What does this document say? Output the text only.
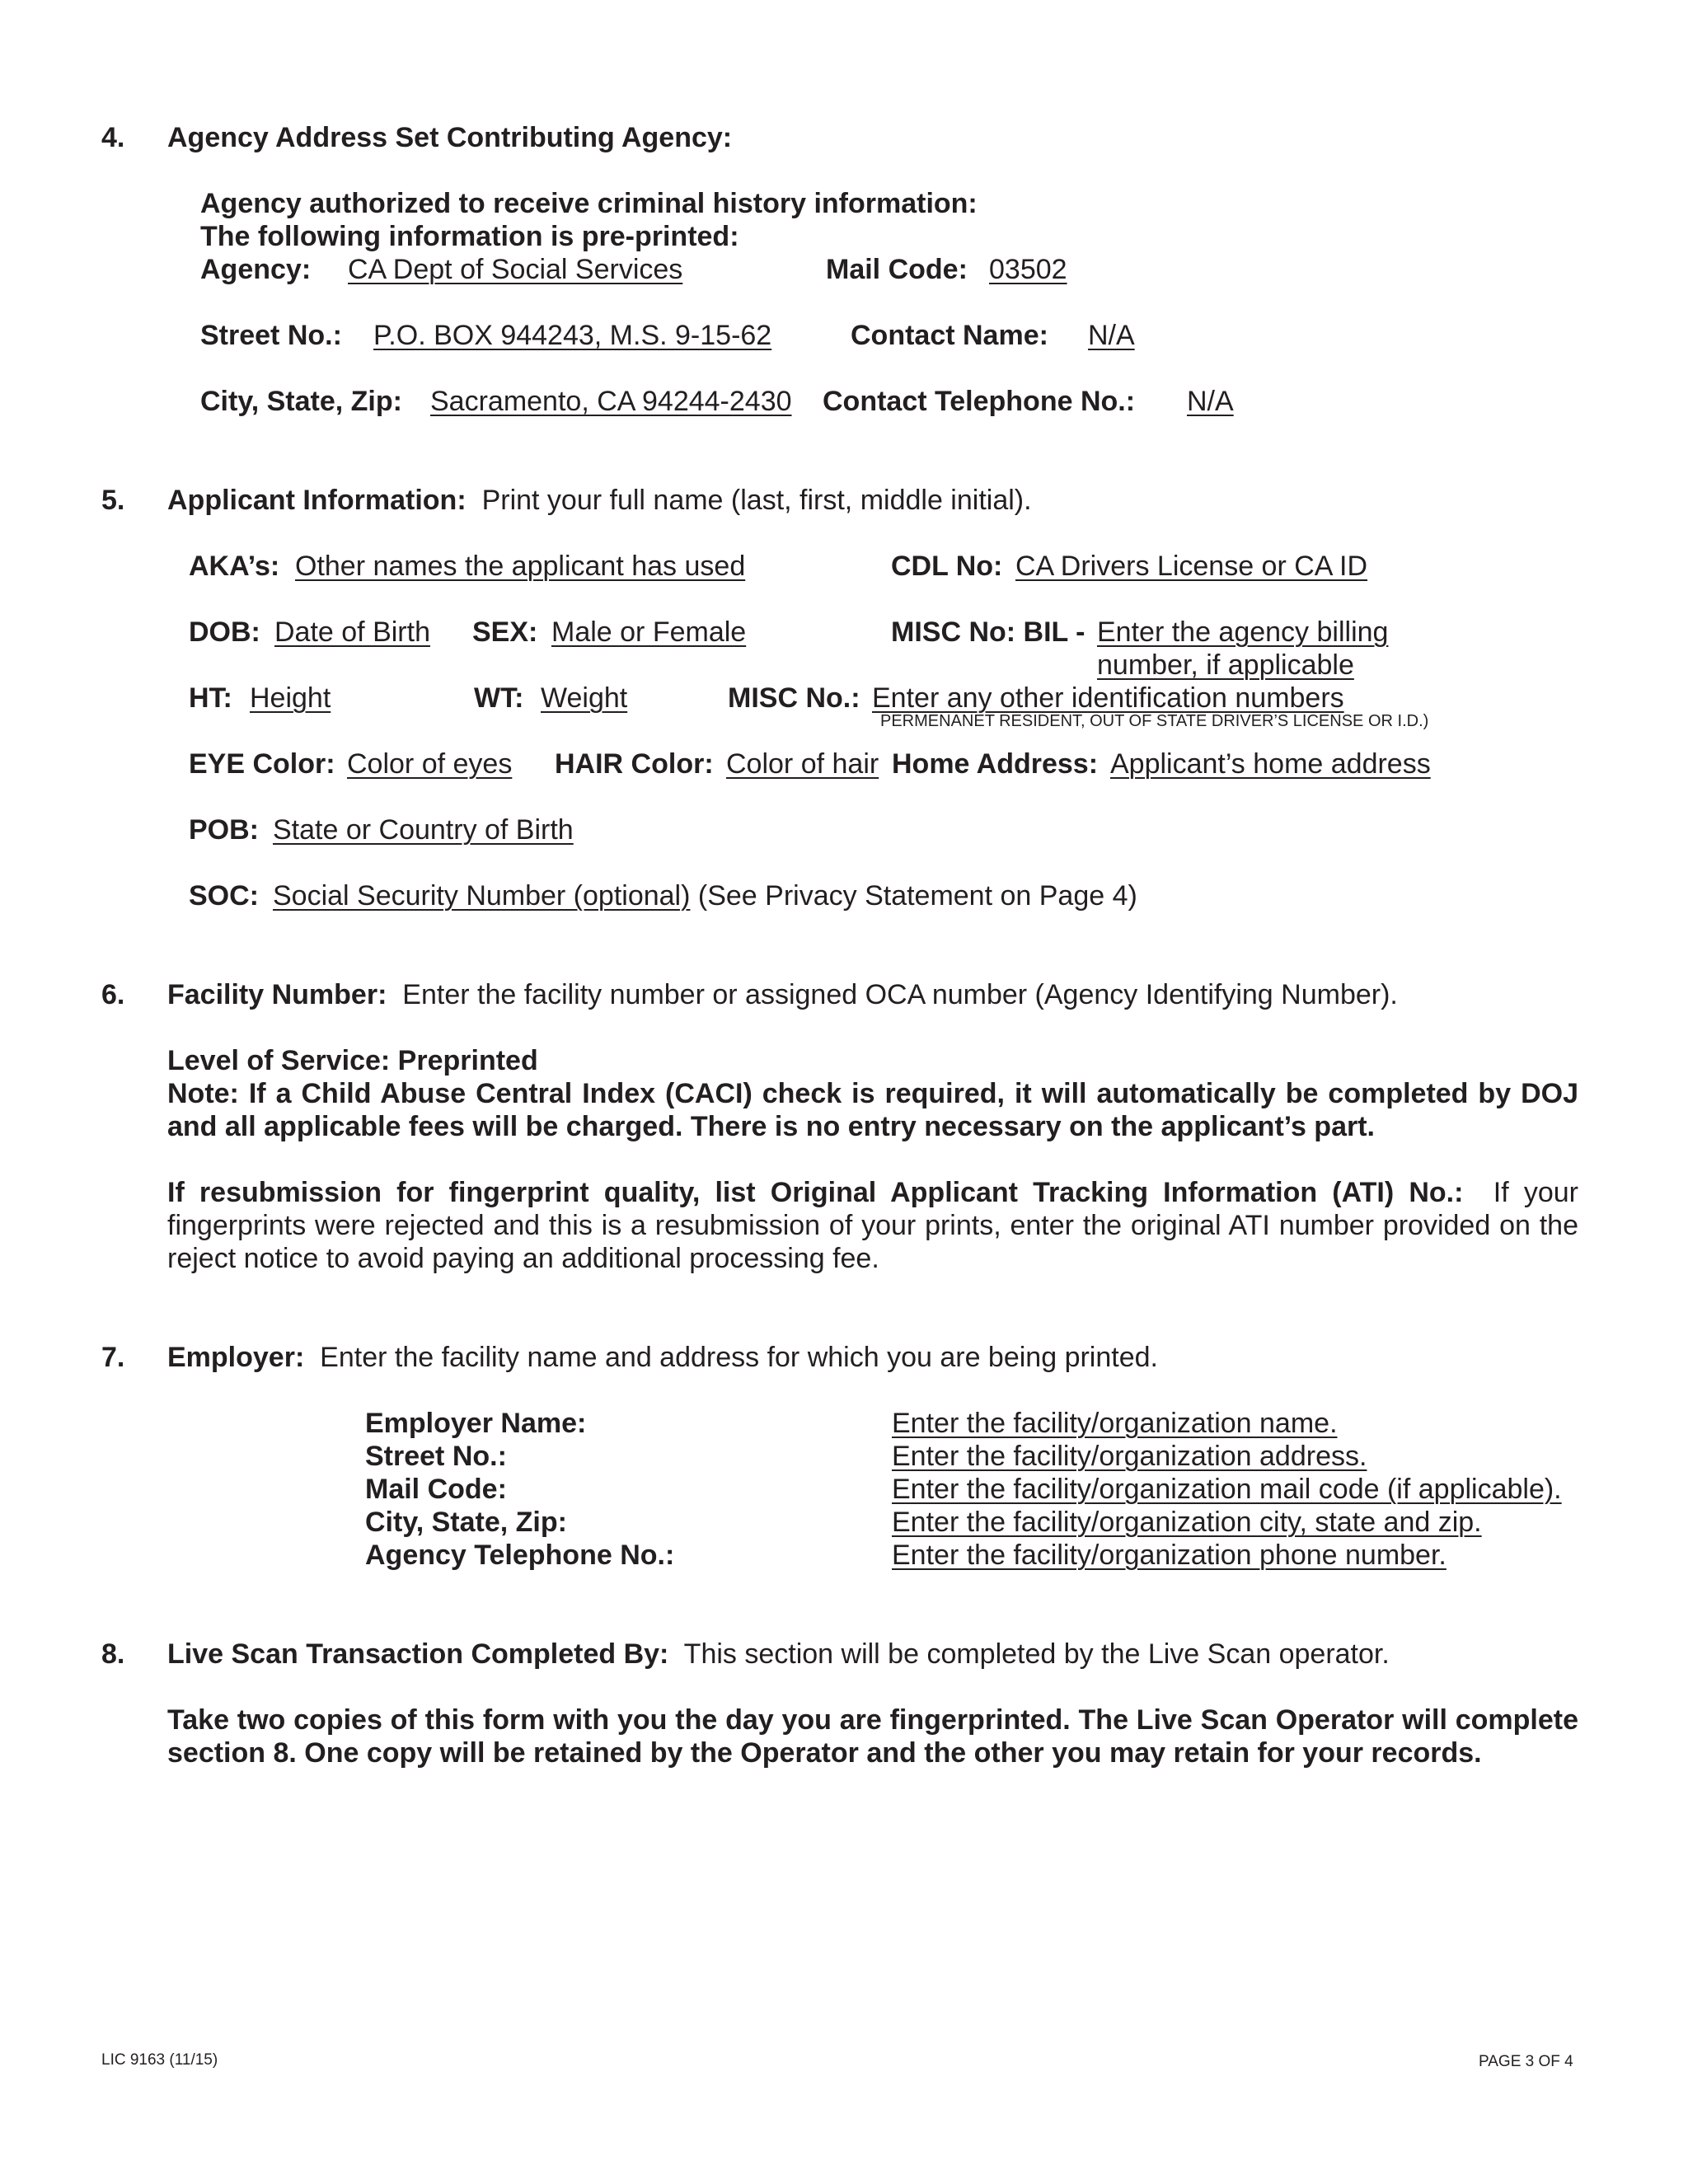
4. Agency Address Set Contributing Agency:
Agency authorized to receive criminal history information:
The following information is pre-printed:
Agency: CA Dept of Social Services	Mail Code: 03502
Street No.: P.O. BOX 944243, M.S. 9-15-62	Contact Name: N/A
City, State, Zip: Sacramento, CA 94244-2430 Contact Telephone No.: N/A
5. Applicant Information: Print your full name (last, first, middle initial).
AKA’s: Other names the applicant has used	CDL No: CA Drivers License or CA ID
DOB: Date of Birth SEX: Male or Female	MISC No: BIL - Enter the agency billing
number, if applicable
HT: Height	WT: Weight	MISC No.: Enter any other identification numbers
PERMENANET RESIDENT, OUT OF STATE DRIVER’S LICENSE OR I.D.)
EYE Color: Color of eyes HAIR Color: Color of hair Home Address: Applicant’s home address
POB: State or Country of Birth
SOC: Social Security Number (optional) (See Privacy Statement on Page 4)
6. Facility Number: Enter the facility number or assigned OCA number (Agency Identifying Number).
Level of Service: Preprinted
Note: If a Child Abuse Central Index (CACI) check is required, it will automatically be completed by DOJ and all applicable fees will be charged. There is no entry necessary on the applicant’s part.
If resubmission for fingerprint quality, list Original Applicant Tracking Information (ATI) No.: If your fingerprints were rejected and this is a resubmission of your prints, enter the original ATI number provided on the reject notice to avoid paying an additional processing fee.
7. Employer: Enter the facility name and address for which you are being printed.
Employer Name:	Enter the facility/organization name.
Street No.:	Enter the facility/organization address.
Mail Code:	Enter the facility/organization mail code (if applicable).
City, State, Zip:	Enter the facility/organization city, state and zip.
Agency Telephone No.:	Enter the facility/organization phone number.
8. Live Scan Transaction Completed By: This section will be completed by the Live Scan operator.
Take two copies of this form with you the day you are fingerprinted. The Live Scan Operator will complete section 8. One copy will be retained by the Operator and the other you may retain for your records.
LIC 9163 (11/15)	PAGE 3 OF 4
